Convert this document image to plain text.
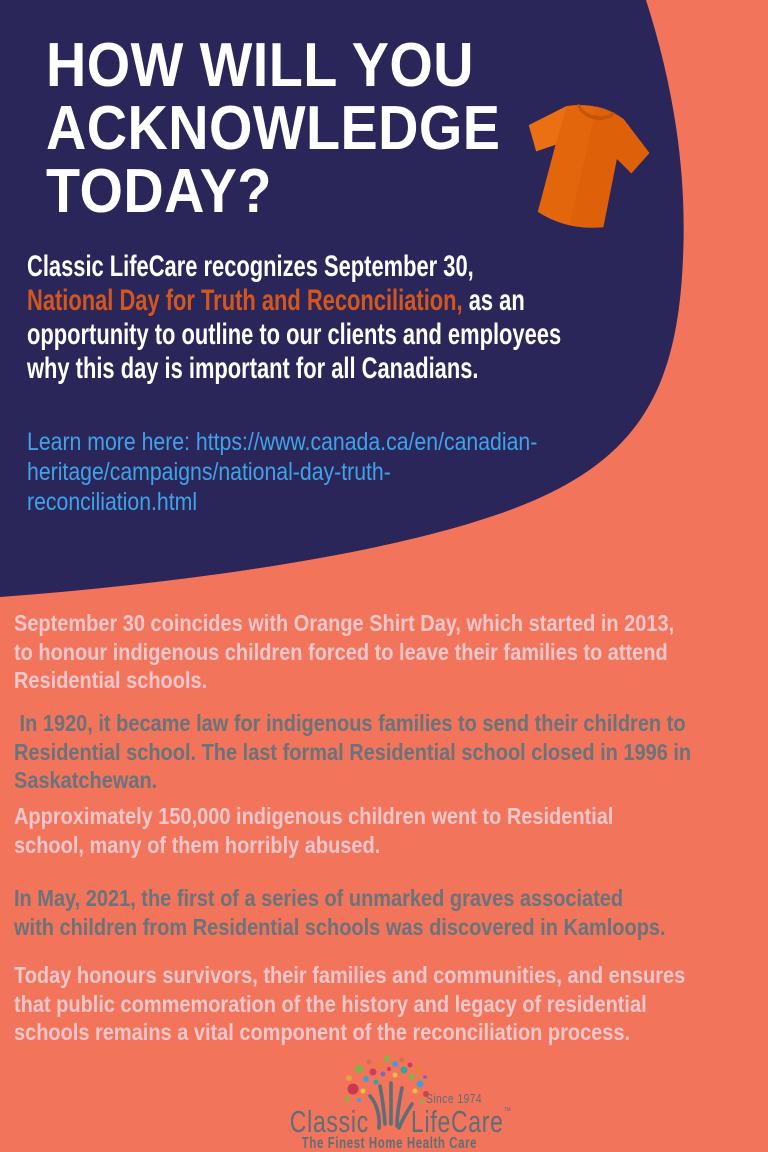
HOW WILL YOU
ACKNOWLEDGE
TODAY?
Classic LifeCare recognizes September 30,
National Day for Truth and Reconciliation, as an
opportunity to outline to our clients and employees
why this day is important for all Canadians.
Learn more here: https://www.canada.ca/en/canadian-
heritage/campaigns/national-day-truth-
reconciliation.html
September 30 coincides with Orange Shirt Day, which started in 2013,
to honour indigenous children forced to leave their families to attend
Residential schools.
In 1920, it became law for indigenous families to send their children to
Residential school. The last formal Residential school closed in 1996 in
Saskatchewan.
Approximately 150,000 indigenous children went to Residential
school, many of them horribly abused.
In May, 2021, the first of a series of unmarked graves associated
with children from Residential schools was discovered in Kamloops.
Today honours survivors, their families and communities, and ensures
that public commemoration of the history and legacy of residential
schools remains a vital component of the reconciliation process.
Since 1974
Classic LifeCare™
The Finest Home Health Care
